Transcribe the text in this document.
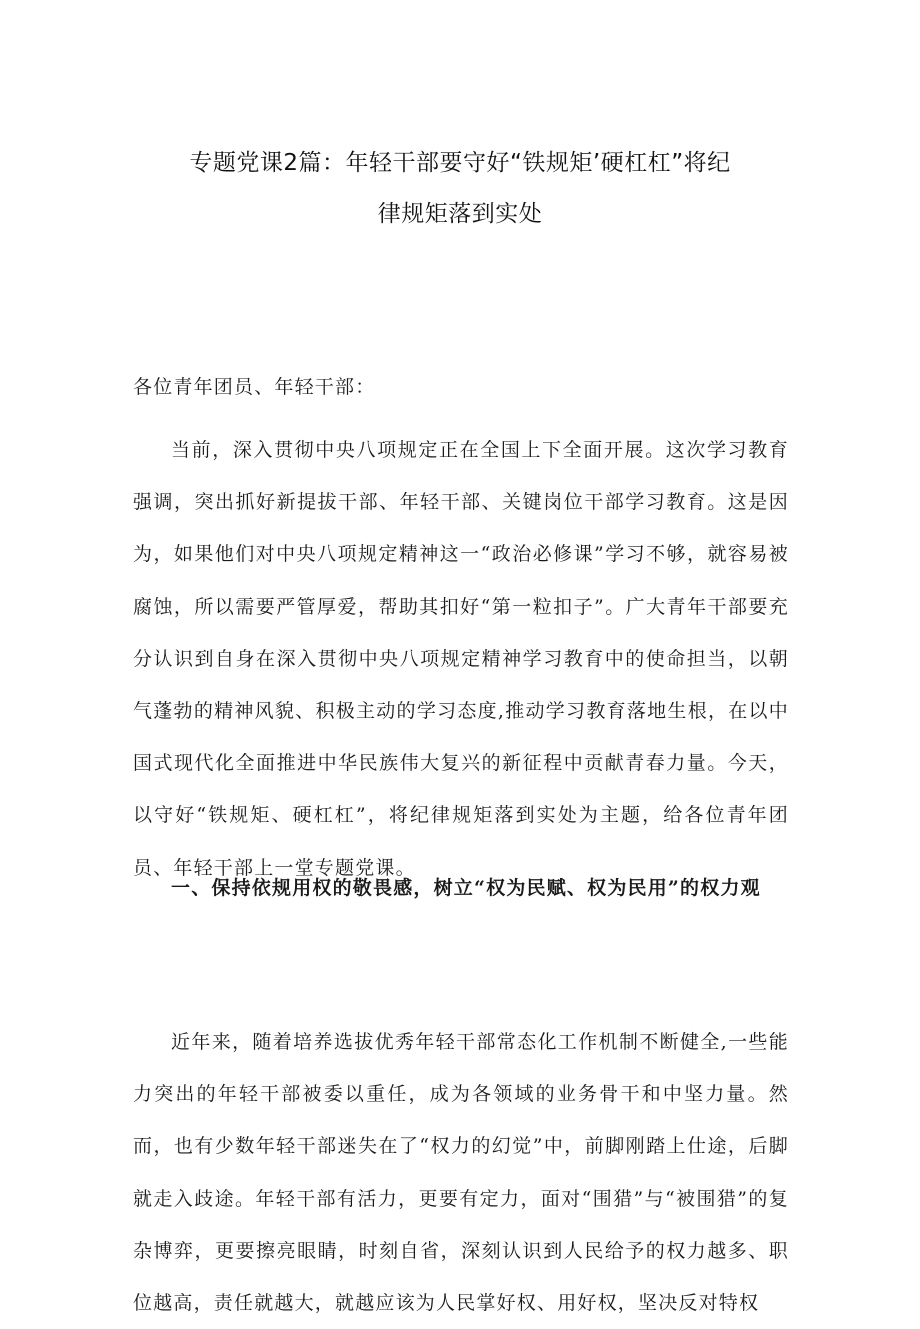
专题党课2篇：年轻干部要守好“铁规矩’硬杠杠”将纪
律规矩落到实处
各位青年团员、年轻干部：

当前，深入贯彻中央八项规定正在全国上下全面开展。这次学习教育强调，突出抓好新提拔干部、年轻干部、关键岗位干部学习教育。这是因为，如果他们对中央八项规定精神这一“政治必修课”学习不够，就容易被腐蚀，所以需要严管厚爱，帮助其扣好“第一粒扣子”。广大青年干部要充分认识到自身在深入贯彻中央八项规定精神学习教育中的使命担当，以朝气蓬勃的精神风貌、积极主动的学习态度,推动学习教育落地生根，在以中国式现代化全面推进中华民族伟大复兴的新征程中贡献青春力量。今天，以守好“铁规矩、硬杠杠”，将纪律规矩落到实处为主题，给各位青年团员、年轻干部上一堂专题党课。

一、保持依规用权的敬畏感，树立“权为民赋、权为民用”的权力观

近年来，随着培养选拔优秀年轻干部常态化工作机制不断健全,一些能力突出的年轻干部被委以重任，成为各领域的业务骨干和中坚力量。然而，也有少数年轻干部迷失在了“权力的幻觉”中，前脚刚踏上仕途，后脚就走入歧途。年轻干部有活力，更要有定力，面对“围猎”与“被围猎”的复杂博弈，更要擦亮眼睛，时刻自省，深刻认识到人民给予的权力越多、职位越高，责任就越大，就越应该为人民掌好权、用好权，坚决反对特权
